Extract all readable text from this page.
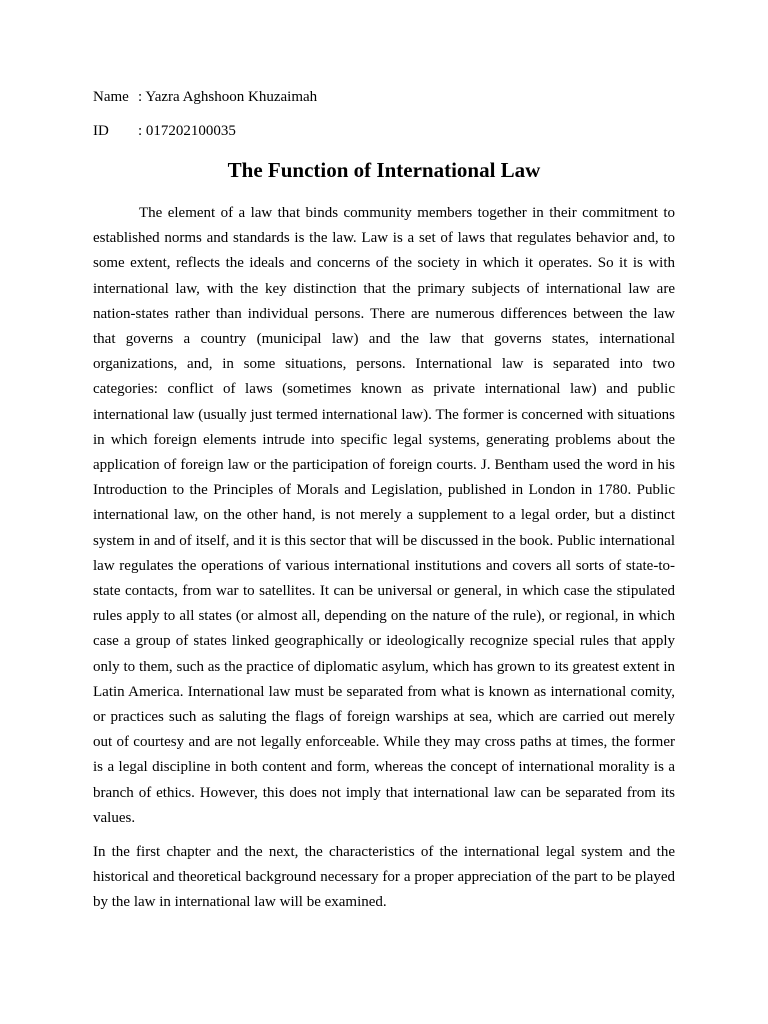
Name : Yazra Aghshoon Khuzaimah
ID : 017202100035
The Function of International Law

The element of a law that binds community members together in their commitment to established norms and standards is the law. Law is a set of laws that regulates behavior and, to some extent, reflects the ideals and concerns of the society in which it operates. So it is with international law, with the key distinction that the primary subjects of international law are nation-states rather than individual persons. There are numerous differences between the law that governs a country (municipal law) and the law that governs states, international organizations, and, in some situations, persons. International law is separated into two categories: conflict of laws (sometimes known as private international law) and public international law (usually just termed international law). The former is concerned with situations in which foreign elements intrude into specific legal systems, generating problems about the application of foreign law or the participation of foreign courts. J. Bentham used the word in his Introduction to the Principles of Morals and Legislation, published in London in 1780. Public international law, on the other hand, is not merely a supplement to a legal order, but a distinct system in and of itself, and it is this sector that will be discussed in the book. Public international law regulates the operations of various international institutions and covers all sorts of state-to-state contacts, from war to satellites. It can be universal or general, in which case the stipulated rules apply to all states (or almost all, depending on the nature of the rule), or regional, in which case a group of states linked geographically or ideologically recognize special rules that apply only to them, such as the practice of diplomatic asylum, which has grown to its greatest extent in Latin America. International law must be separated from what is known as international comity, or practices such as saluting the flags of foreign warships at sea, which are carried out merely out of courtesy and are not legally enforceable. While they may cross paths at times, the former is a legal discipline in both content and form, whereas the concept of international morality is a branch of ethics. However, this does not imply that international law can be separated from its values.

In the first chapter and the next, the characteristics of the international legal system and the historical and theoretical background necessary for a proper appreciation of the part to be played by the law in international law will be examined.
